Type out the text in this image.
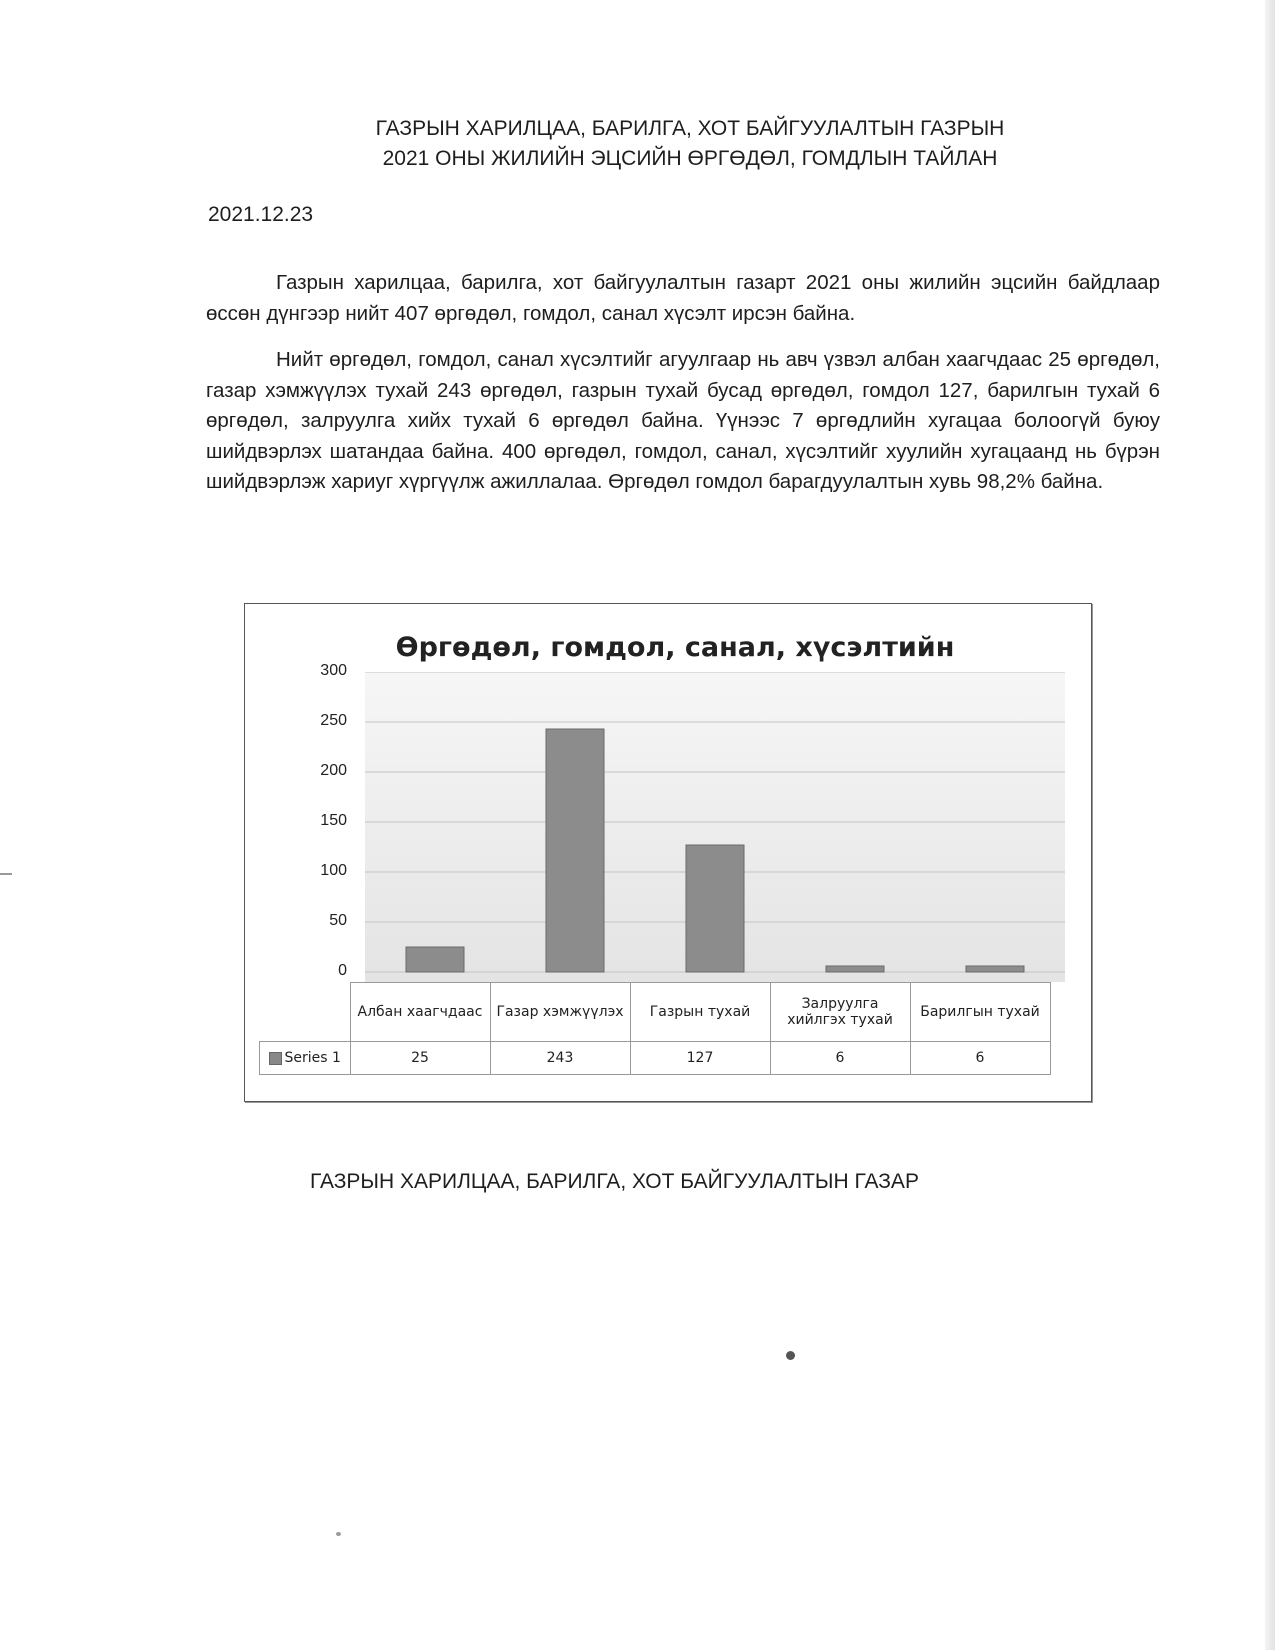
ГАЗРЫН ХАРИЛЦАА, БАРИЛГА, ХОТ БАЙГУУЛАЛТЫН ГАЗРЫН
2021 ОНЫ ЖИЛИЙН ЭЦСИЙН ӨРГӨДӨЛ, ГОМДЛЫН ТАЙЛАН
2021.12.23

Газрын харилцаа, барилга, хот байгуулалтын газарт 2021 оны жилийн эцсийн байдлаар өссөн дүнгээр нийт 407 өргөдөл, гомдол, санал хүсэлт ирсэн байна.

Нийт өргөдөл, гомдол, санал хүсэлтийг агуулгаар нь авч үзвэл албан хаагчдаас 25 өргөдөл, газар хэмжүүлэх тухай 243 өргөдөл, газрын тухай бусад өргөдөл, гомдол 127, барилгын тухай 6 өргөдөл, залруулга хийх тухай 6 өргөдөл байна. Үүнээс 7 өргөдлийн хугацаа болоогүй буюу шийдвэрлэх шатандаа байна. 400 өргөдөл, гомдол, санал, хүсэлтийг хуулийн хугацаанд нь бүрэн шийдвэрлэж хариуг хүргүүлж ажиллалаа. Өргөдөл гомдол барагдуулалтын хувь 98,2% байна.

Өргөдөл, гомдол, санал, хүсэлтийн
300
0
50
100
150
200
250
	Албан хаагчдаас	Газар хэмжүүлэх	Газрын тухай	Залруулга хийлгэх тухай	Барилгын тухай
Series 1	25	243	127	6	6
ГАЗРЫН ХАРИЛЦАА, БАРИЛГА, ХОТ БАЙГУУЛАЛТЫН ГАЗАР
